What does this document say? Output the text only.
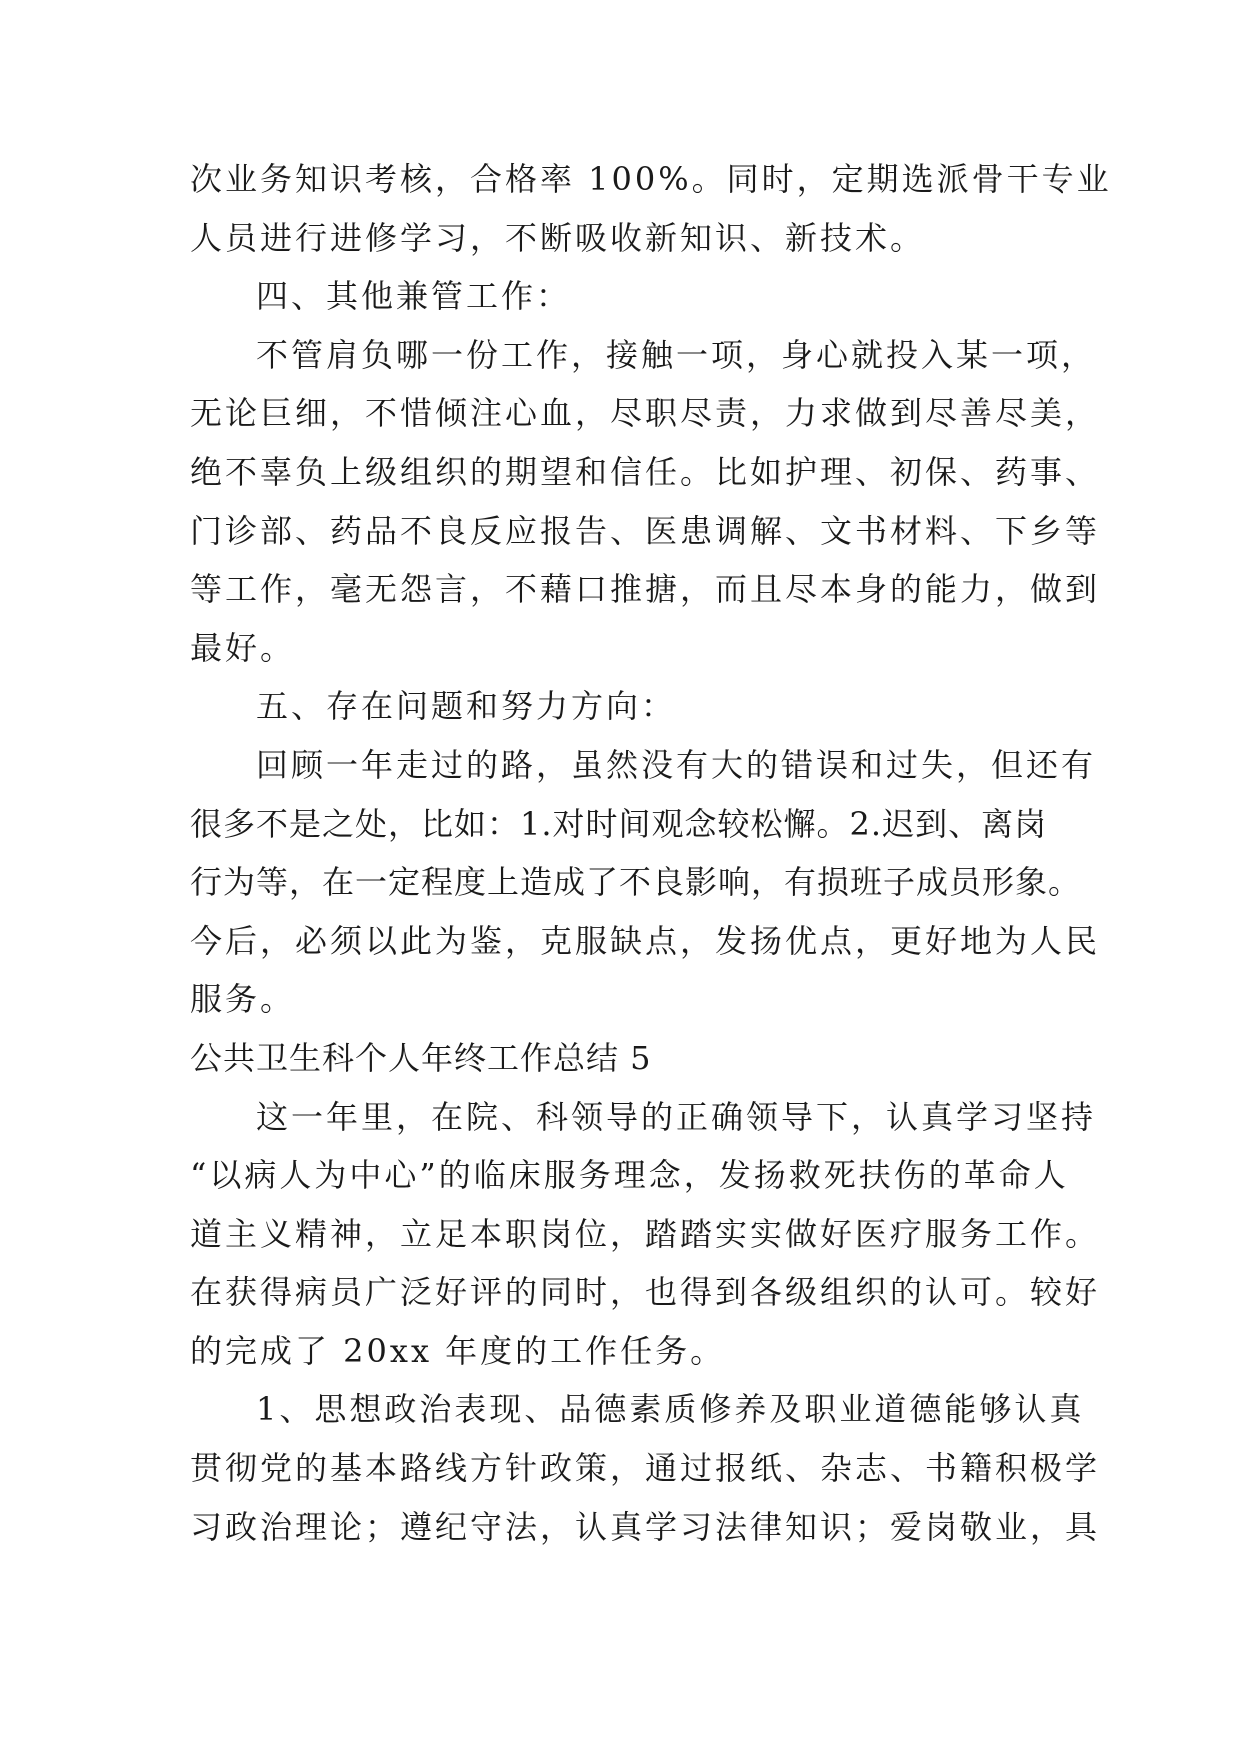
次业务知识考核，合格率 100%。同时，定期选派骨干专业
人员进行进修学习，不断吸收新知识、新技术。
四、其他兼管工作：
不管肩负哪一份工作，接触一项，身心就投入某一项，
无论巨细，不惜倾注心血，尽职尽责，力求做到尽善尽美，
绝不辜负上级组织的期望和信任。比如护理、初保、药事、
门诊部、药品不良反应报告、医患调解、文书材料、下乡等
等工作，毫无怨言，不藉口推搪，而且尽本身的能力，做到
最好。
五、存在问题和努力方向：
回顾一年走过的路，虽然没有大的错误和过失，但还有
很多不是之处，比如：1.对时间观念较松懈。2.迟到、离岗
行为等，在一定程度上造成了不良影响，有损班子成员形象。
今后，必须以此为鉴，克服缺点，发扬优点，更好地为人民
服务。
公共卫生科个人年终工作总结 5
这一年里，在院、科领导的正确领导下，认真学习坚持
“以病人为中心”的临床服务理念，发扬救死扶伤的革命人
道主义精神，立足本职岗位，踏踏实实做好医疗服务工作。
在获得病员广泛好评的同时，也得到各级组织的认可。较好
的完成了 20xx 年度的工作任务。
1、思想政治表现、品德素质修养及职业道德能够认真
贯彻党的基本路线方针政策，通过报纸、杂志、书籍积极学
习政治理论；遵纪守法，认真学习法律知识；爱岗敬业，具
